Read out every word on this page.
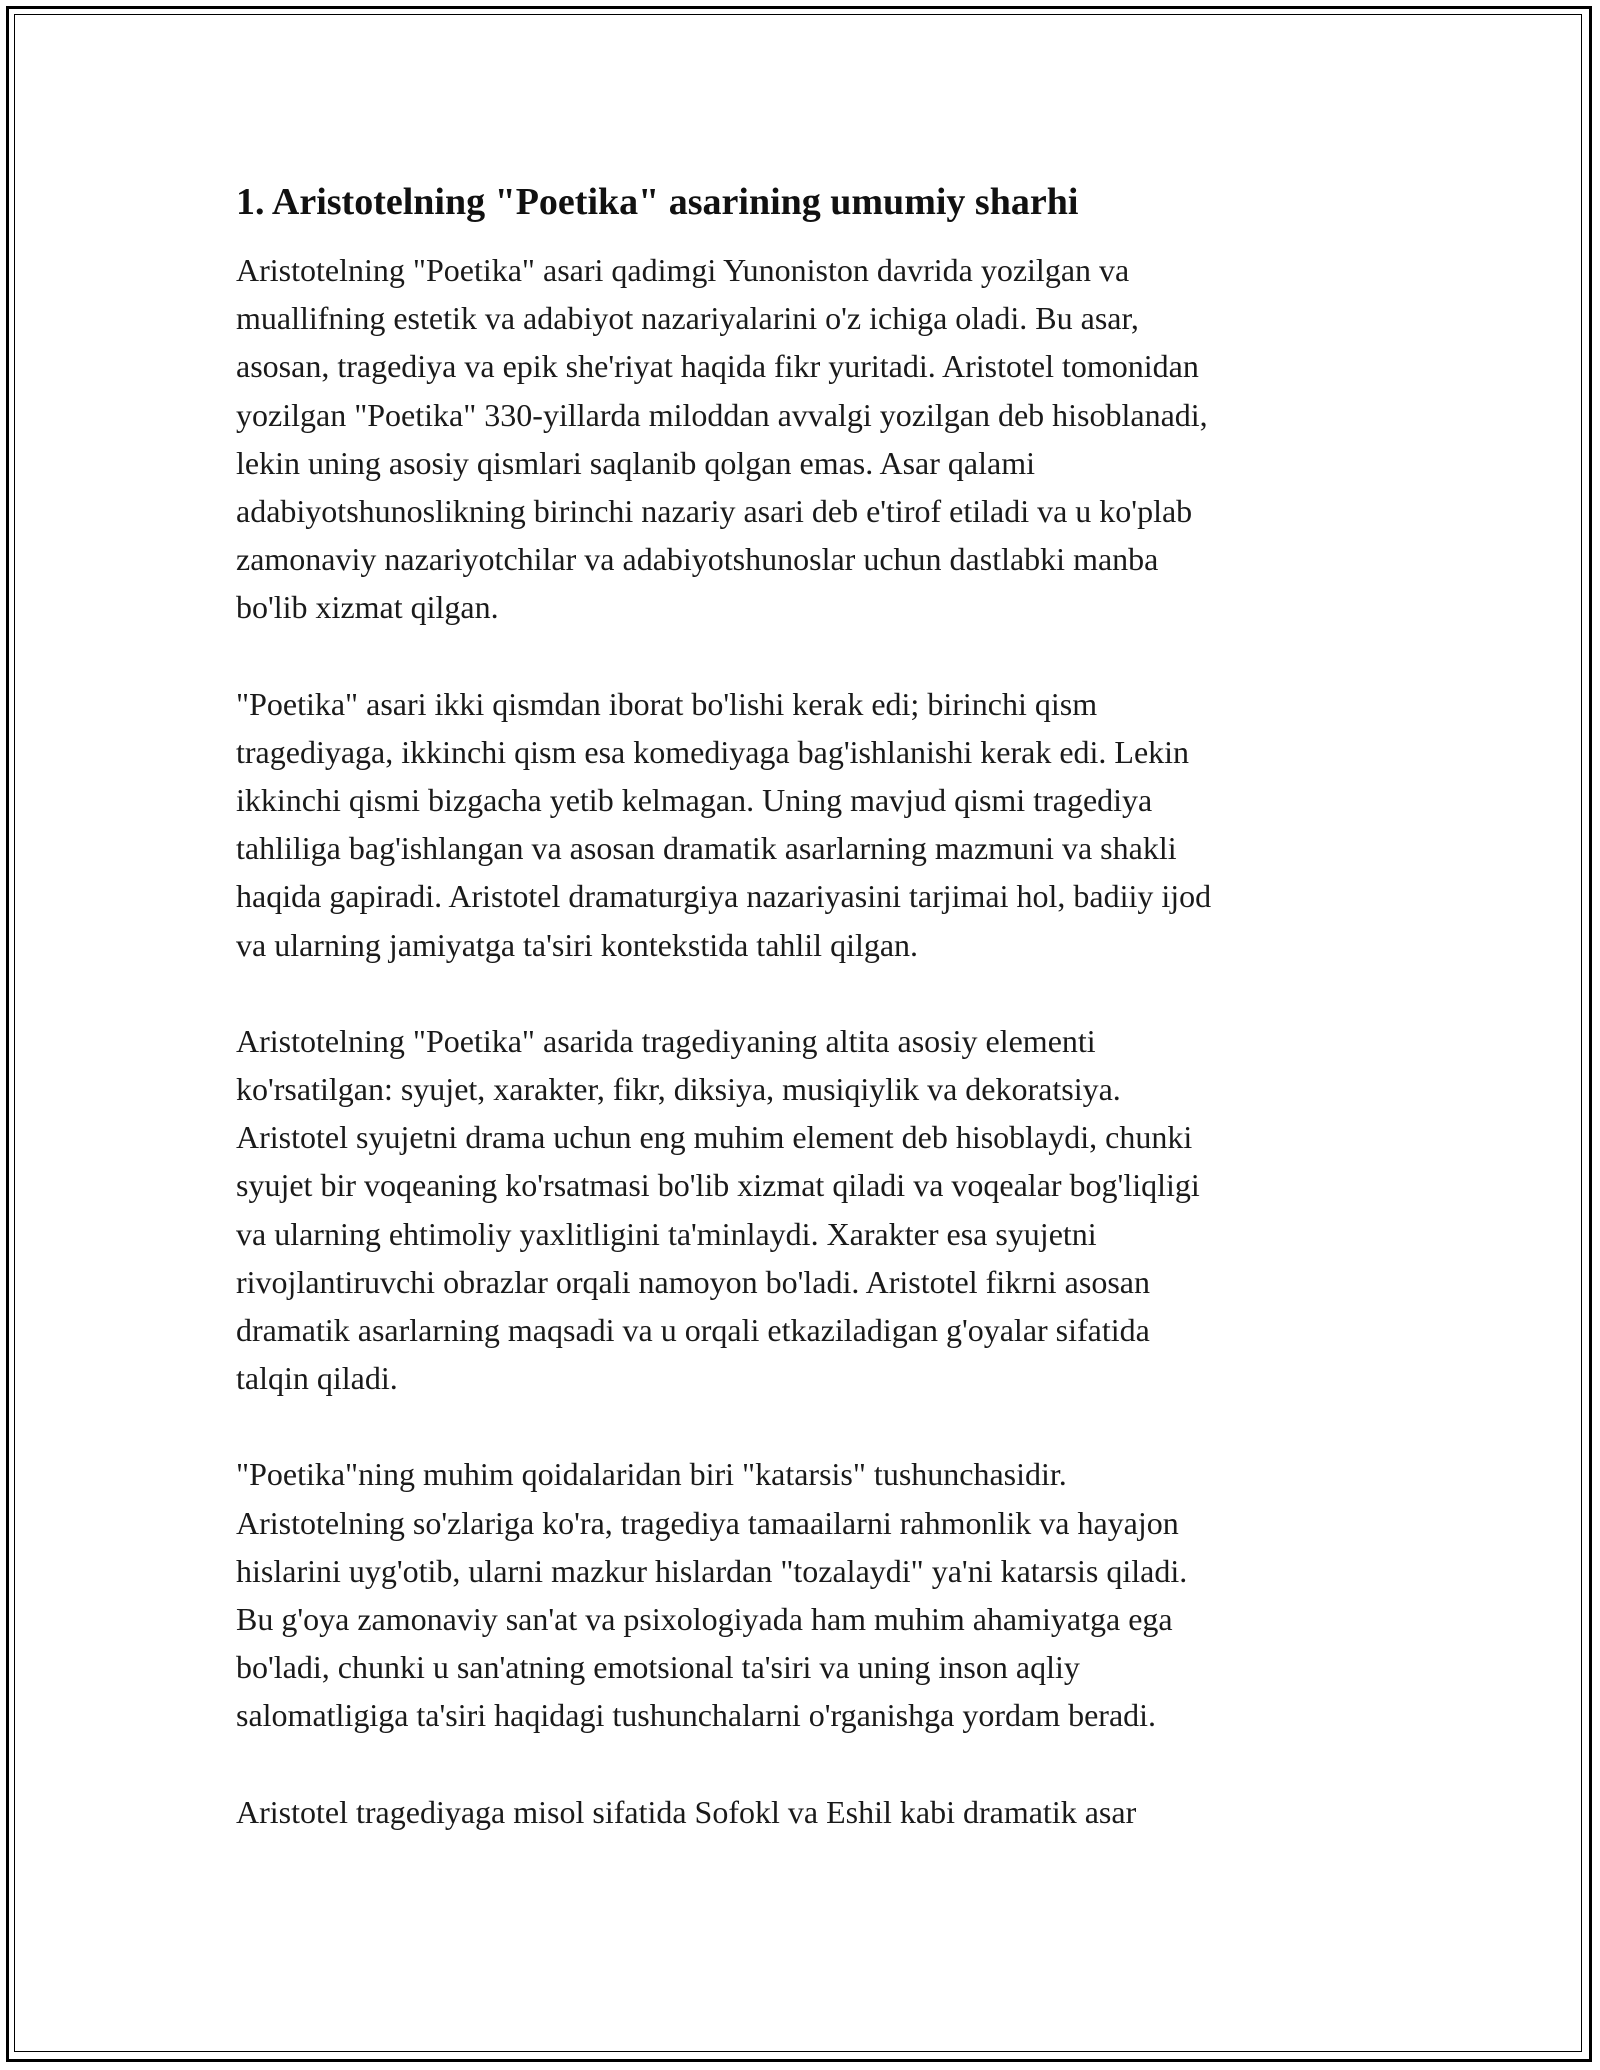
1. Aristotelning "Poetika" asarining umumiy sharhi
Aristotelning "Poetika" asari qadimgi Yunoniston davrida yozilgan va
muallifning estetik va adabiyot nazariyalarini o'z ichiga oladi. Bu asar,
asosan, tragediya va epik she'riyat haqida fikr yuritadi. Aristotel tomonidan
yozilgan "Poetika" 330-yillarda miloddan avvalgi yozilgan deb hisoblanadi,
lekin uning asosiy qismlari saqlanib qolgan emas. Asar qalami
adabiyotshunoslikning birinchi nazariy asari deb e'tirof etiladi va u ko'plab
zamonaviy nazariyotchilar va adabiyotshunoslar uchun dastlabki manba
bo'lib xizmat qilgan.
"Poetika" asari ikki qismdan iborat bo'lishi kerak edi; birinchi qism
tragediyaga, ikkinchi qism esa komediyaga bag'ishlanishi kerak edi. Lekin
ikkinchi qismi bizgacha yetib kelmagan. Uning mavjud qismi tragediya
tahliliga bag'ishlangan va asosan dramatik asarlarning mazmuni va shakli
haqida gapiradi. Aristotel dramaturgiya nazariyasini tarjimai hol, badiiy ijod
va ularning jamiyatga ta'siri kontekstida tahlil qilgan.
Aristotelning "Poetika" asarida tragediyaning altita asosiy elementi
ko'rsatilgan: syujet, xarakter, fikr, diksiya, musiqiylik va dekoratsiya.
Aristotel syujetni drama uchun eng muhim element deb hisoblaydi, chunki
syujet bir voqeaning ko'rsatmasi bo'lib xizmat qiladi va voqealar bog'liqligi
va ularning ehtimoliy yaxlitligini ta'minlaydi. Xarakter esa syujetni
rivojlantiruvchi obrazlar orqali namoyon bo'ladi. Aristotel fikrni asosan
dramatik asarlarning maqsadi va u orqali etkaziladigan g'oyalar sifatida
talqin qiladi.
"Poetika"ning muhim qoidalaridan biri "katarsis" tushunchasidir.
Aristotelning so'zlariga ko'ra, tragediya tamaailarni rahmonlik va hayajon
hislarini uyg'otib, ularni mazkur hislardan "tozalaydi" ya'ni katarsis qiladi.
Bu g'oya zamonaviy san'at va psixologiyada ham muhim ahamiyatga ega
bo'ladi, chunki u san'atning emotsional ta'siri va uning inson aqliy
salomatligiga ta'siri haqidagi tushunchalarni o'rganishga yordam beradi.
Aristotel tragediyaga misol sifatida Sofokl va Eshil kabi dramatik asar
